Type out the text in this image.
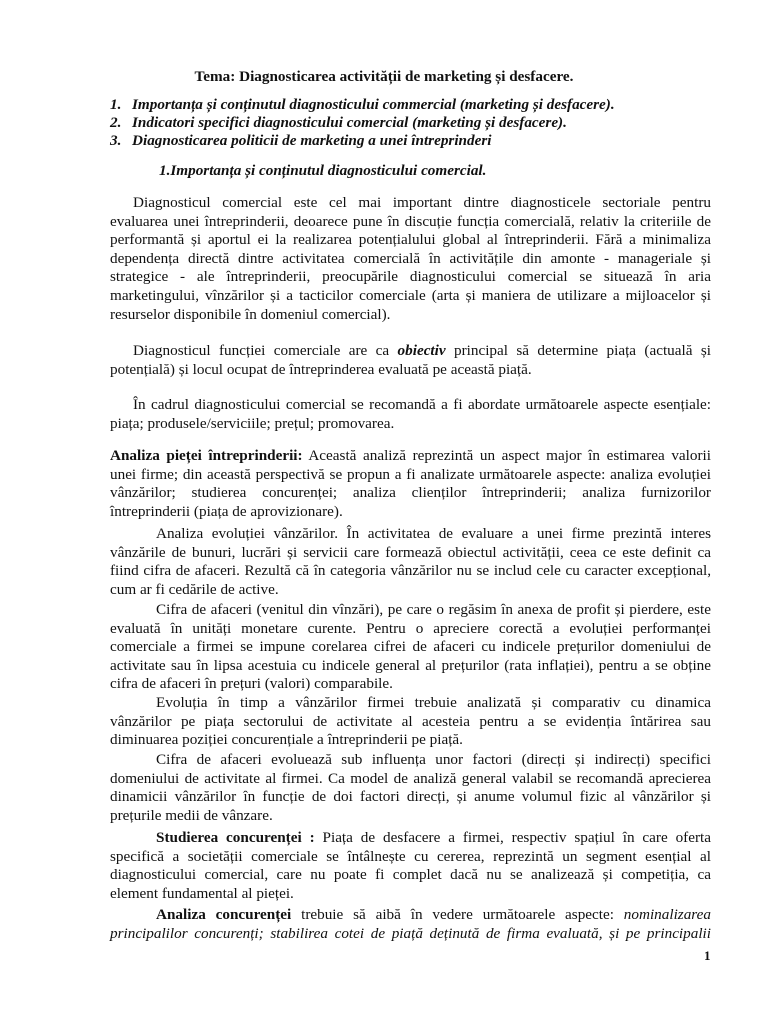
Tema: Diagnosticarea activității de marketing și desfacere.
1. Importanța și conținutul diagnosticului commercial (marketing și desfacere).
2. Indicatori specifici diagnosticului comercial (marketing și desfacere).
3. Diagnosticarea politicii de marketing a unei întreprinderi
1.Importanța și conținutul diagnosticului comercial.
Diagnosticul comercial este cel mai important dintre diagnosticele sectoriale pentru
evaluarea unei întreprinderii, deoarece pune în discuție funcția comercială, relativ la criteriile de
performantă și aportul ei la realizarea potențialului global al întreprinderii. Fără a minimaliza
dependența directă dintre activitatea comercială în activitățile din amonte - manageriale și
strategice - ale întreprinderii, preocupările diagnosticului comercial se situează în aria
marketingului, vînzărilor și a tacticilor comerciale (arta și maniera de utilizare a mijloacelor și
resurselor disponibile în domeniul comercial).
Diagnosticul funcției comerciale are ca obiectiv principal să determine piața (actuală și
potențială) și locul ocupat de întreprinderea evaluată pe această piață.
În cadrul diagnosticului comercial se recomandă a fi abordate următoarele aspecte esențiale:
piața; produsele/serviciile; prețul; promovarea.
Analiza pieței întreprinderii: Această analiză reprezintă un aspect major în estimarea valorii
unei firme; din această perspectivă se propun a fi analizate următoarele aspecte: analiza evoluției
vânzărilor; studierea concurenței; analiza clienților întreprinderii; analiza furnizorilor
întreprinderii (piața de aprovizionare).
Analiza evoluției vânzărilor. În activitatea de evaluare a unei firme prezintă interes
vânzările de bunuri, lucrări și servicii care formează obiectul activității, ceea ce este definit ca
fiind cifra de afaceri. Rezultă că în categoria vânzărilor nu se includ cele cu caracter excepțional,
cum ar fi cedările de active.
Cifra de afaceri (venitul din vînzări), pe care o regăsim în anexa de profit și pierdere, este
evaluată în unități monetare curente. Pentru o apreciere corectă a evoluției performanței
comerciale a firmei se impune corelarea cifrei de afaceri cu indicele prețurilor domeniului de
activitate sau în lipsa acestuia cu indicele general al prețurilor (rata inflației), pentru a se obține
cifra de afaceri în prețuri (valori) comparabile.
Evoluția în timp a vânzărilor firmei trebuie analizată și comparativ cu dinamica
vânzărilor pe piața sectorului de activitate al acesteia pentru a se evidenția întărirea sau
diminuarea poziției concurențiale a întreprinderii pe piață.
Cifra de afaceri evoluează sub influența unor factori (direcți și indirecți) specifici
domeniului de activitate al firmei. Ca model de analiză general valabil se recomandă aprecierea
dinamicii vânzărilor în funcție de doi factori direcți, și anume volumul fizic al vânzărilor și
prețurile medii de vânzare.
Studierea concurenței : Piața de desfacere a firmei, respectiv spațiul în care oferta
specifică a societății comerciale se întâlnește cu cererea, reprezintă un segment esențial al
diagnosticului comercial, care nu poate fi complet dacă nu se analizează și competiția, ca
element fundamental al pieței.
Analiza concurenței trebuie să aibă în vedere următoarele aspecte: nominalizarea
principalilor concurenți; stabilirea cotei de piață deținută de firma evaluată, și pe principalii
1
